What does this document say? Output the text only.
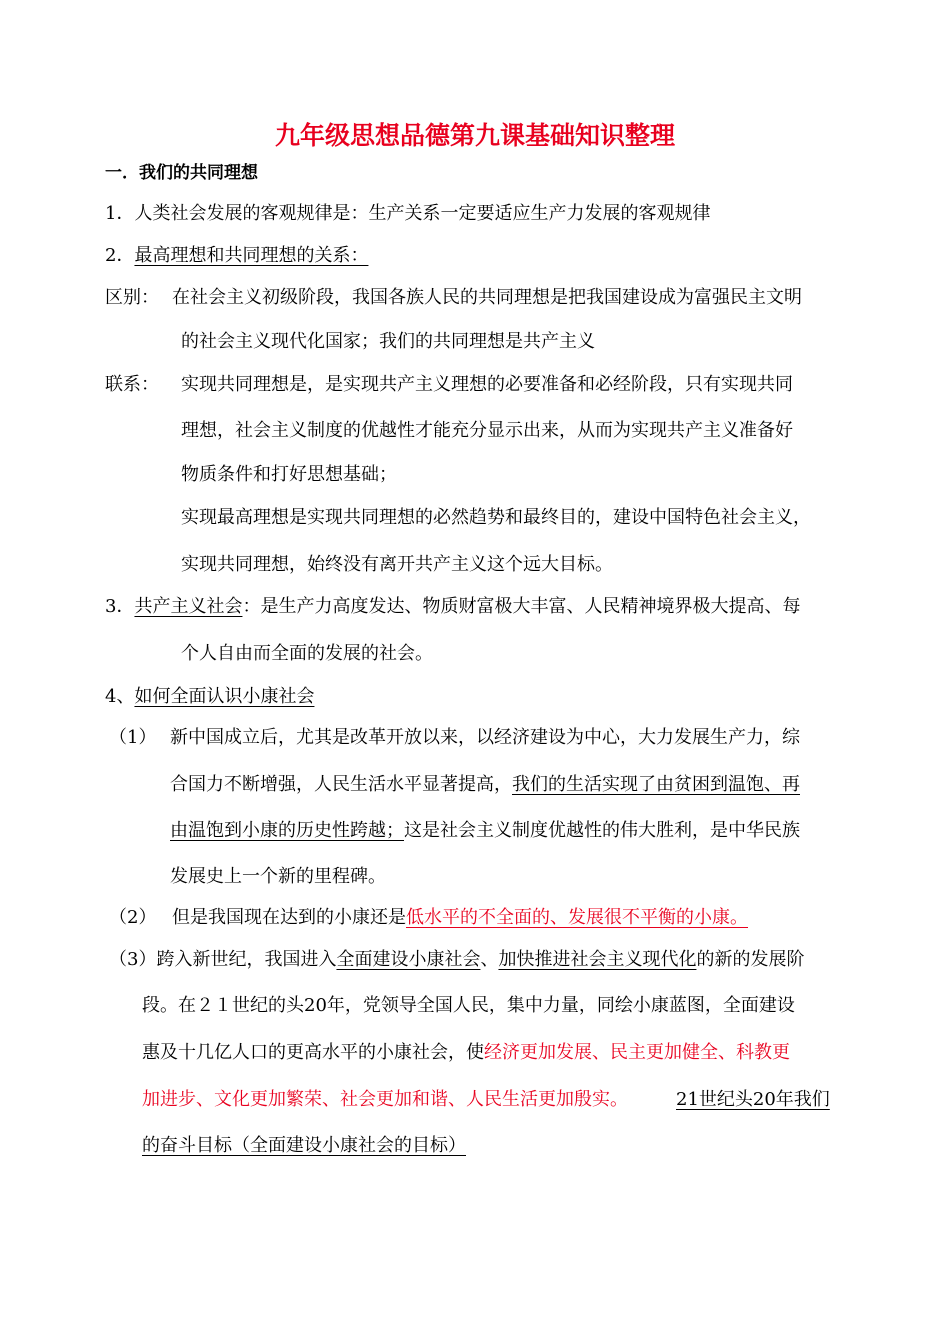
九年级思想品德第九课基础知识整理
一．我们的共同理想
1．人类社会发展的客观规律是：生产关系一定要适应生产力发展的客观规律
2．最高理想和共同理想的关系：
区别： 在社会主义初级阶段，我国各族人民的共同理想是把我国建设成为富强民主文明
的社会主义现代化国家；我们的共同理想是共产主义
联系： 实现共同理想是，是实现共产主义理想的必要准备和必经阶段，只有实现共同
理想，社会主义制度的优越性才能充分显示出来，从而为实现共产主义准备好
物质条件和打好思想基础；
实现最高理想是实现共同理想的必然趋势和最终目的，建设中国特色社会主义，
实现共同理想，始终没有离开共产主义这个远大目标。
3．共产主义社会：是生产力高度发达、物质财富极大丰富、人民精神境界极大提高、每
个人自由而全面的发展的社会。
4、如何全面认识小康社会
（1） 新中国成立后，尤其是改革开放以来，以经济建设为中心，大力发展生产力，综
合国力不断增强，人民生活水平显著提高，我们的生活实现了由贫困到温饱、再
由温饱到小康的历史性跨越；这是社会主义制度优越性的伟大胜利，是中华民族
发展史上一个新的里程碑。
（2） 但是我国现在达到的小康还是低水平的不全面的、发展很不平衡的小康。
（3）跨入新世纪，我国进入全面建设小康社会、加快推进社会主义现代化的新的发展阶
段。在２１世纪的头20年，党领导全国人民，集中力量，同绘小康蓝图，全面建设
惠及十几亿人口的更高水平的小康社会，使经济更加发展、民主更加健全、科教更
加进步、文化更加繁荣、社会更加和谐、人民生活更加殷实。	21世纪头20年我们
的奋斗目标（全面建设小康社会的目标）
